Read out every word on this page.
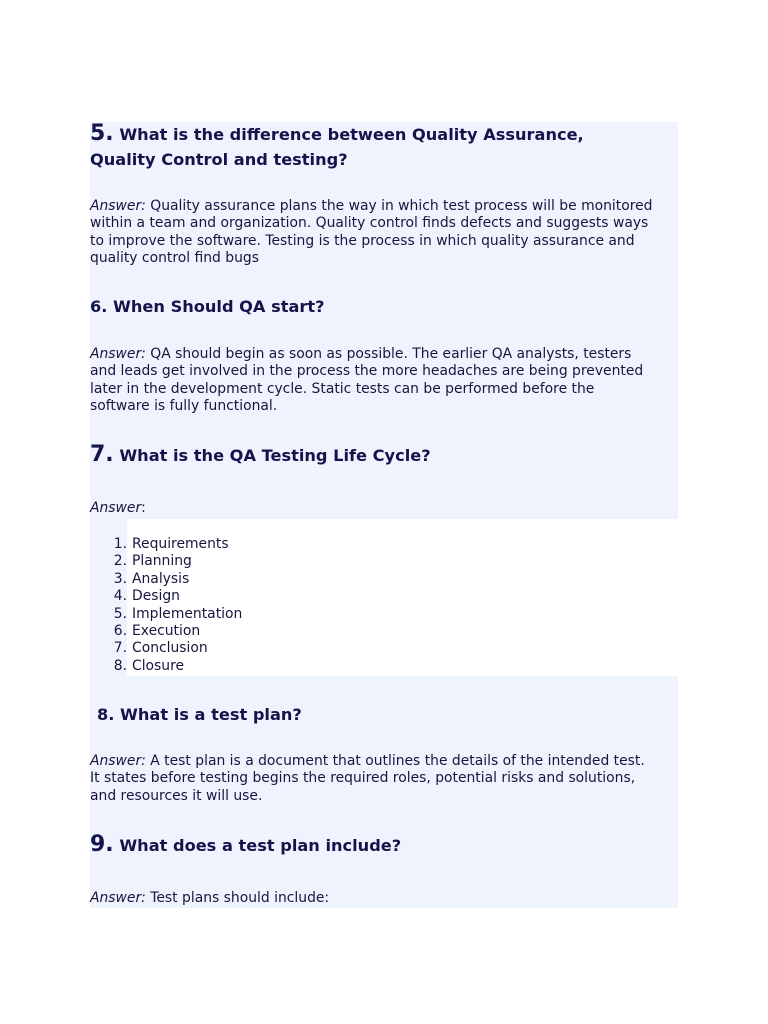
5. What is the difference between Quality Assurance,
Quality Control and testing?
Answer: Quality assurance plans the way in which test process will be monitored
within a team and organization. Quality control finds defects and suggests ways
to improve the software. Testing is the process in which quality assurance and
quality control find bugs
6. When Should QA start?
Answer: QA should begin as soon as possible. The earlier QA analysts, testers
and leads get involved in the process the more headaches are being prevented
later in the development cycle. Static tests can be performed before the
software is fully functional.
7. What is the QA Testing Life Cycle?
Answer:
1 . Requirements
2 . Planning
3 . Analysis
4 . Design
5 . Implementation
6 . Execution
7 . Conclusion
8 . Closure
8. What is a test plan?
Answer: A test plan is a document that outlines the details of the intended test.
It states before testing begins the required roles, potential risks and solutions,
and resources it will use.
9. What does a test plan include?
Answer: Test plans should include:
